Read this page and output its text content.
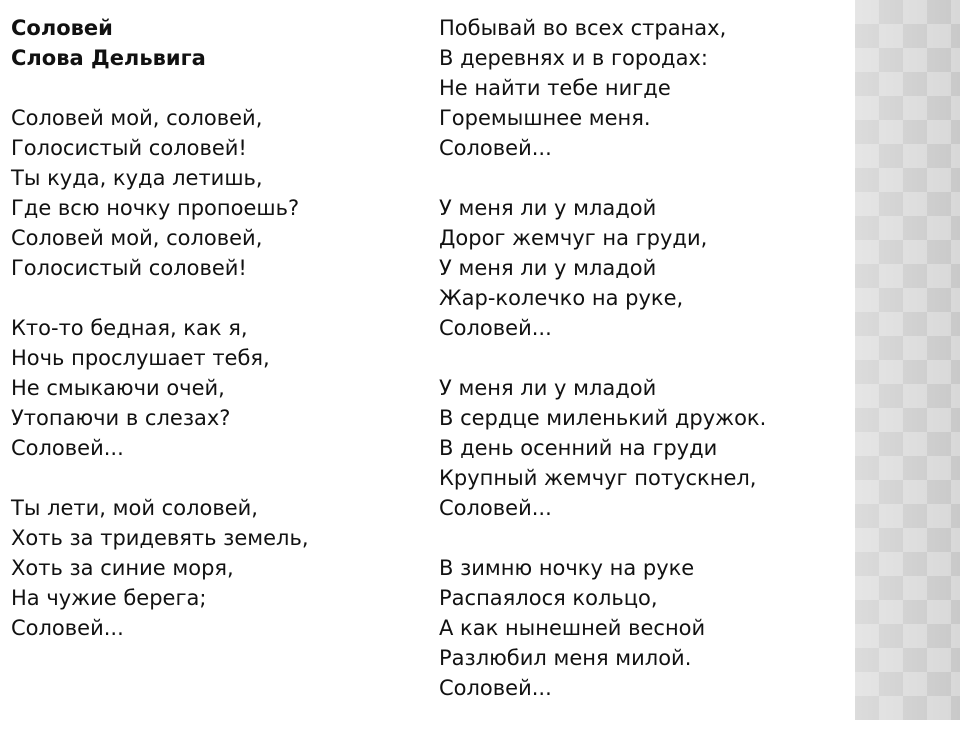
Соловей
Слова Дельвига
Соловей мой, соловей,
Голосистый соловей!
Ты куда, куда летишь,
Где всю ночку пропоешь?
Соловей мой, соловей,
Голосистый соловей!
Кто-то бедная, как я,
Ночь прослушает тебя,
Не смыкаючи очей,
Утопаючи в слезах?
Соловей...
Ты лети, мой соловей,
Хоть за тридевять земель,
Хоть за синие моря,
На чужие берега;
Соловей...
Побывай во всех странах,
В деревнях и в городах:
Не найти тебе нигде
Горемышнее меня.
Соловей...
У меня ли у младой
Дорог жемчуг на груди,
У меня ли у младой
Жар-колечко на руке,
Соловей...
У меня ли у младой
В сердце миленький дружок.
В день осенний на груди
Крупный жемчуг потускнел,
Соловей...
В зимню ночку на руке
Распаялося кольцо,
А как нынешней весной
Разлюбил меня милой.
Соловей...
